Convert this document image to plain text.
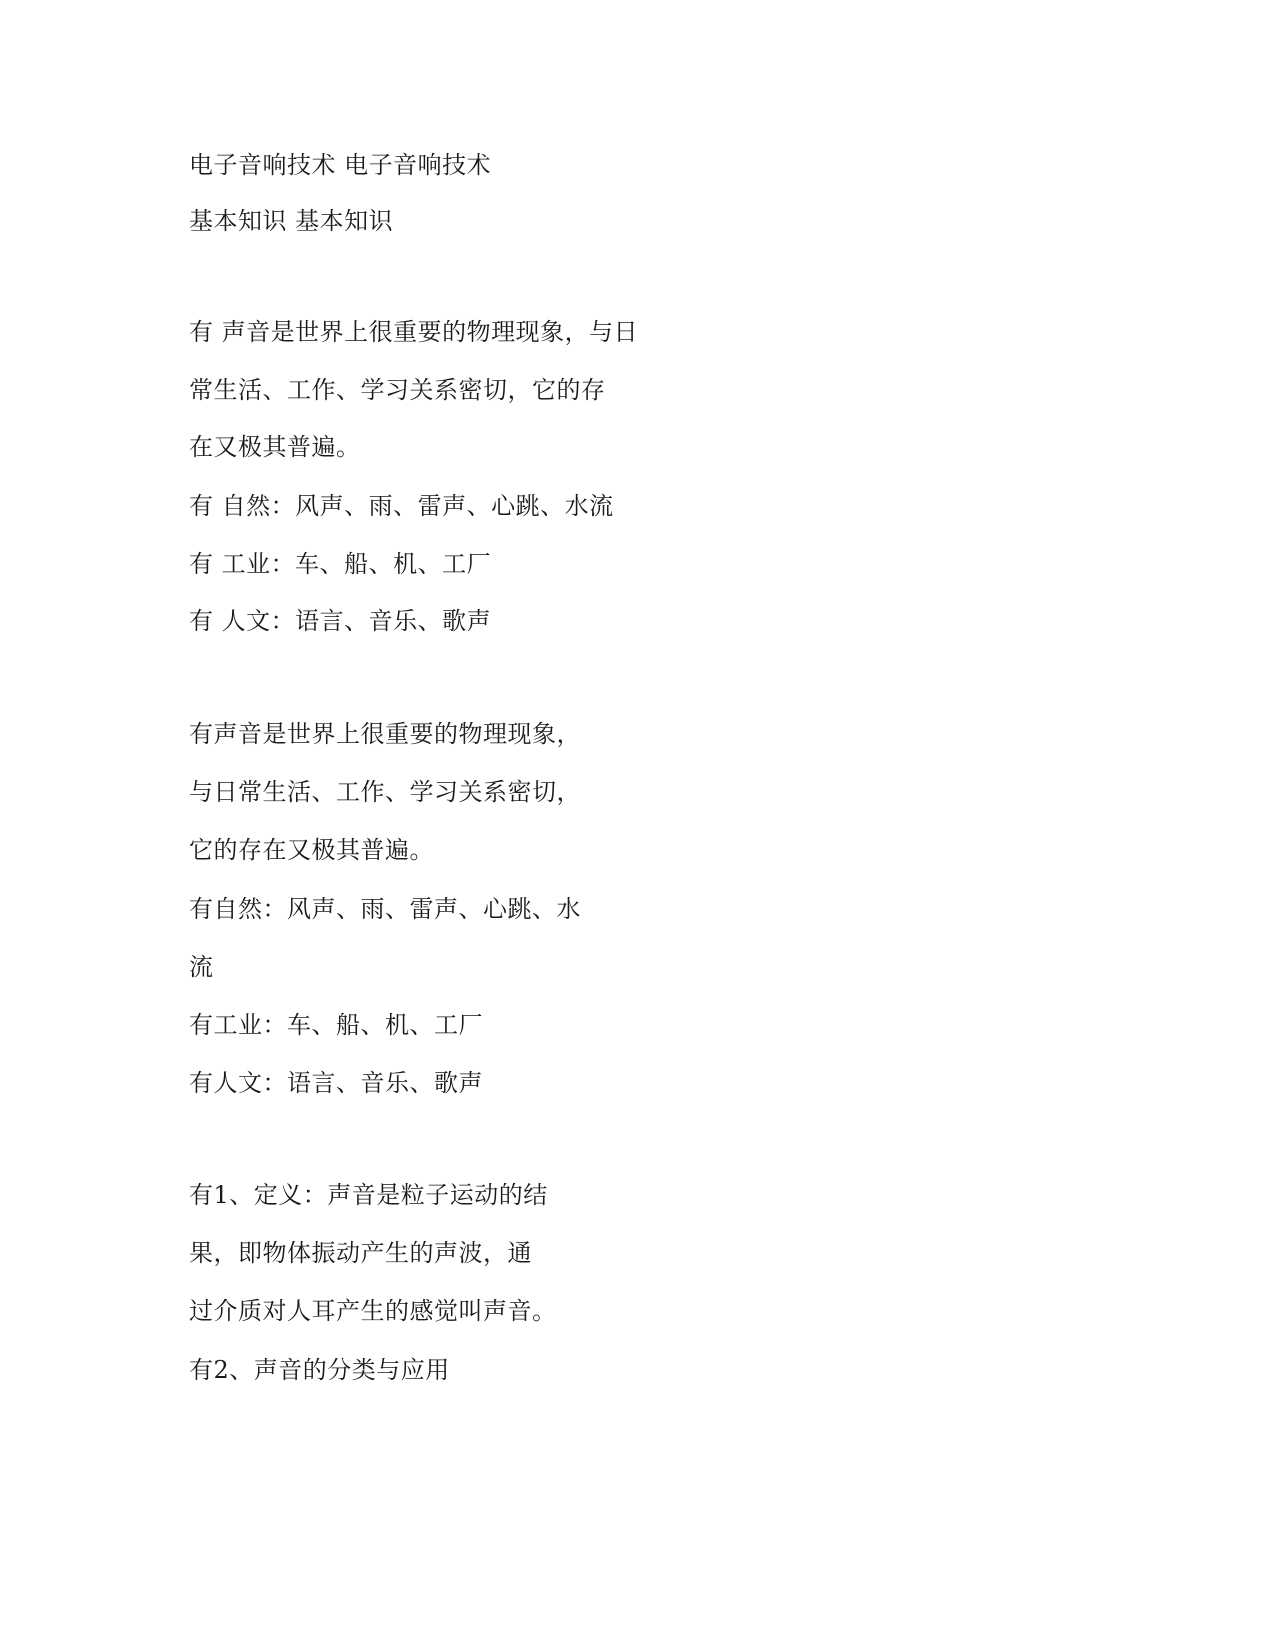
电子音响技术 电子音响技术
基本知识 基本知识
有 声音是世界上很重要的物理现象，与日
常生活、工作、学习关系密切，它的存
在又极其普遍。
有 自然：风声、雨、雷声、心跳、水流
有 工业：车、船、机、工厂
有 人文：语言、音乐、歌声
有声音是世界上很重要的物理现象，
与日常生活、工作、学习关系密切，
它的存在又极其普遍。
有自然：风声、雨、雷声、心跳、水
流
有工业：车、船、机、工厂
有人文：语言、音乐、歌声
有1、定义：声音是粒子运动的结
果，即物体振动产生的声波，通
过介质对人耳产生的感觉叫声音。
有2、声音的分类与应用
